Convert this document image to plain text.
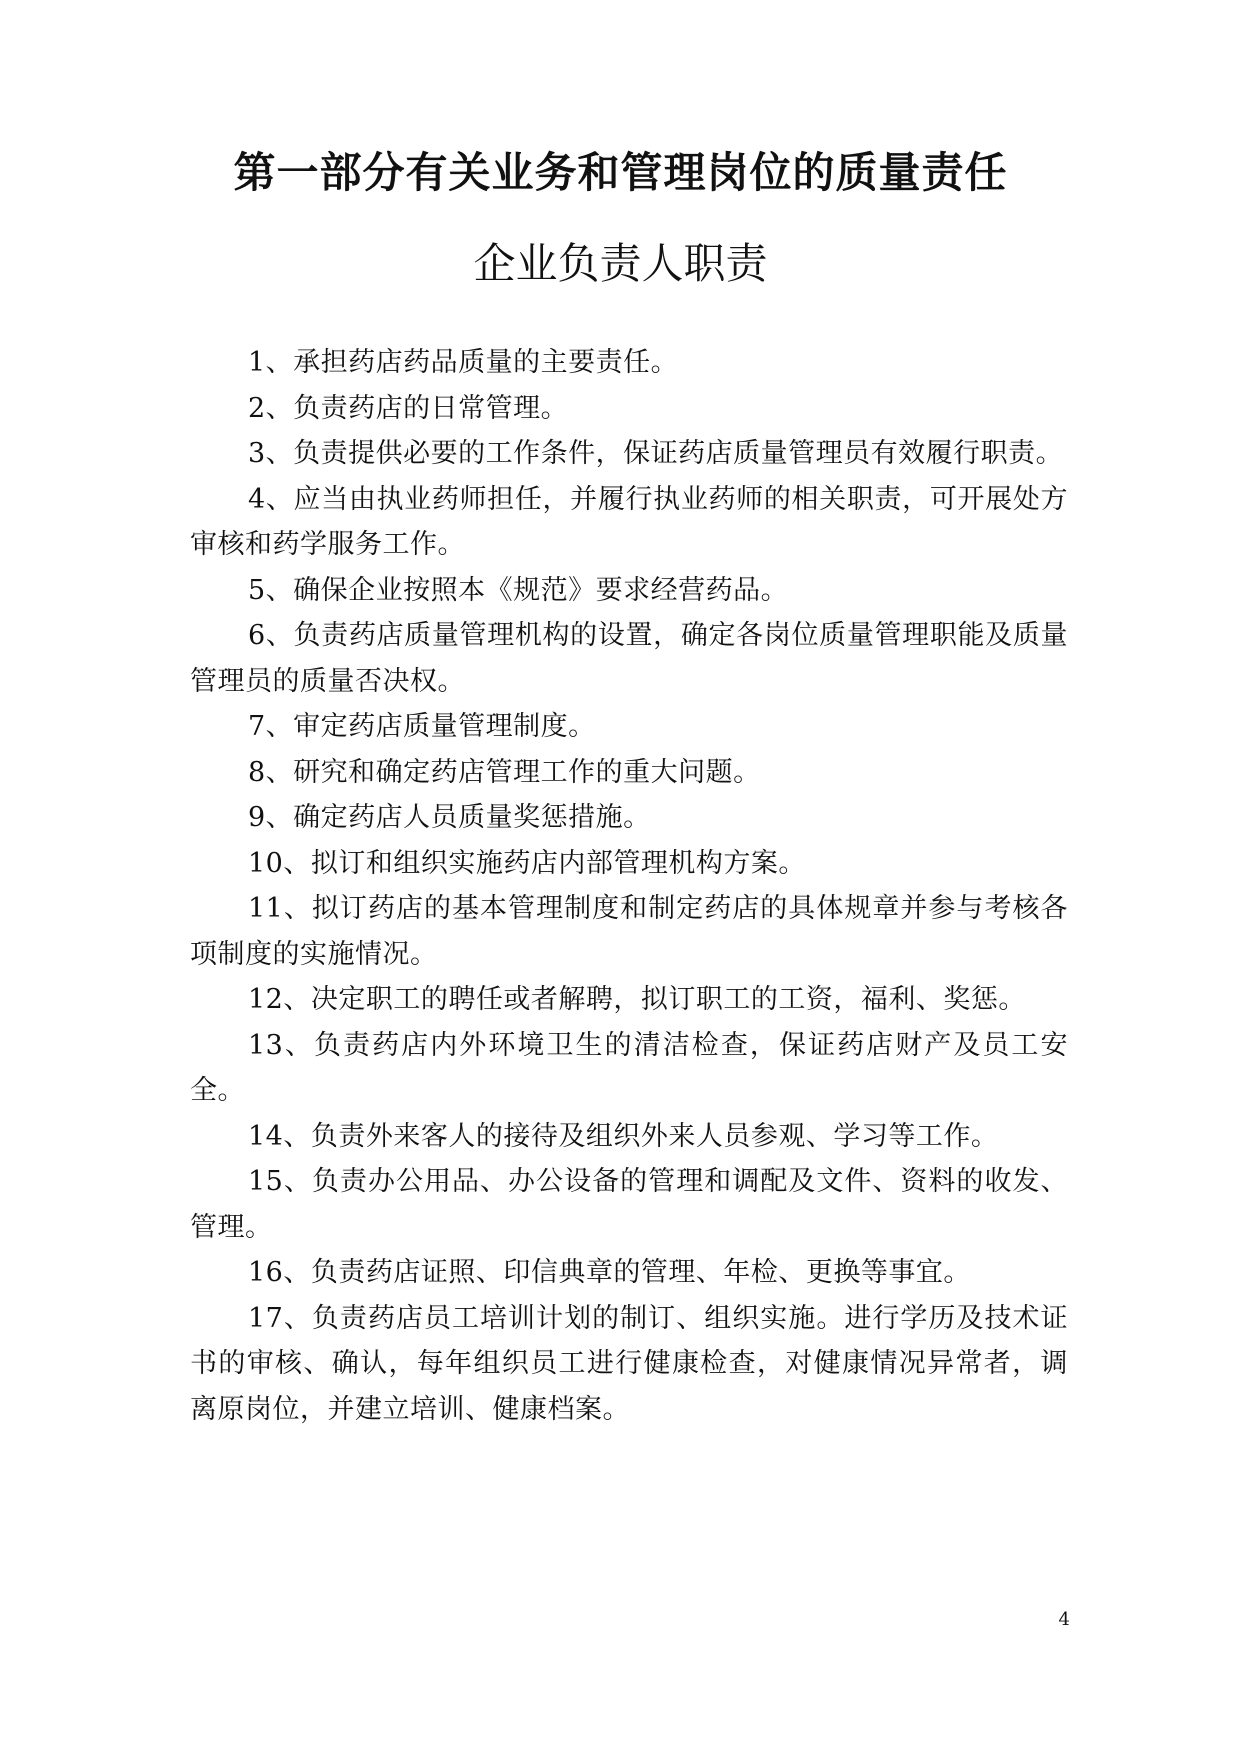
第一部分有关业务和管理岗位的质量责任
企业负责人职责

1、承担药店药品质量的主要责任。

2、负责药店的日常管理。

3、负责提供必要的工作条件，保证药店质量管理员有效履行职责。

4、应当由执业药师担任，并履行执业药师的相关职责，可开展处方审核和药学服务工作。

5、确保企业按照本《规范》要求经营药品。

6、负责药店质量管理机构的设置，确定各岗位质量管理职能及质量管理员的质量否决权。

7、审定药店质量管理制度。

8、研究和确定药店管理工作的重大问题。

9、确定药店人员质量奖惩措施。

10、拟订和组织实施药店内部管理机构方案。

11、拟订药店的基本管理制度和制定药店的具体规章并参与考核各项制度的实施情况。

12、决定职工的聘任或者解聘，拟订职工的工资，福利、奖惩。

13、负责药店内外环境卫生的清洁检查，保证药店财产及员工安全。

14、负责外来客人的接待及组织外来人员参观、学习等工作。

15、负责办公用品、办公设备的管理和调配及文件、资料的收发、管理。

16、负责药店证照、印信典章的管理、年检、更换等事宜。

17、负责药店员工培训计划的制订、组织实施。进行学历及技术证书的审核、确认，每年组织员工进行健康检查，对健康情况异常者，调离原岗位，并建立培训、健康档案。

4
